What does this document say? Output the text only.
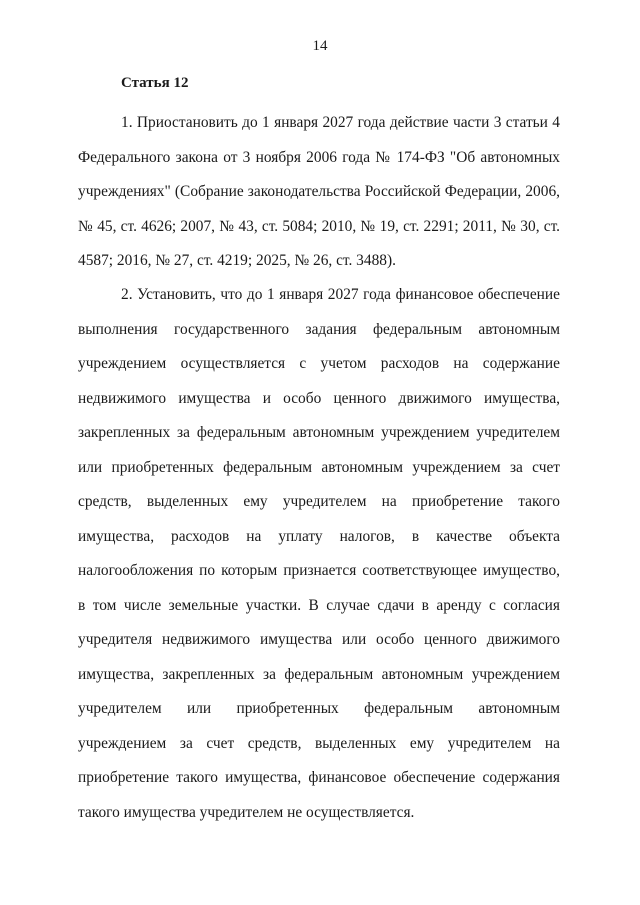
14
Статья 12

1. Приостановить до 1 января 2027 года действие части 3 статьи 4 Федерального закона от 3 ноября 2006 года № 174-ФЗ "Об автономных учреждениях" (Собрание законодательства Российской Федерации, 2006, № 45, ст. 4626; 2007, № 43, ст. 5084; 2010, № 19, ст. 2291; 2011, № 30, ст. 4587; 2016, № 27, ст. 4219; 2025, № 26, ст. 3488).

2. Установить, что до 1 января 2027 года финансовое обеспечение выполнения государственного задания федеральным автономным учреждением осуществляется с учетом расходов на содержание недвижимого имущества и особо ценного движимого имущества, закрепленных за федеральным автономным учреждением учредителем или приобретенных федеральным автономным учреждением за счет средств, выделенных ему учредителем на приобретение такого имущества, расходов на уплату налогов, в качестве объекта налогообложения по которым признается соответствующее имущество, в том числе земельные участки. В случае сдачи в аренду с согласия учредителя недвижимого имущества или особо ценного движимого имущества, закрепленных за федеральным автономным учреждением учредителем или приобретенных федеральным автономным учреждением за счет средств, выделенных ему учредителем на приобретение такого имущества, финансовое обеспечение содержания такого имущества учредителем не осуществляется.
